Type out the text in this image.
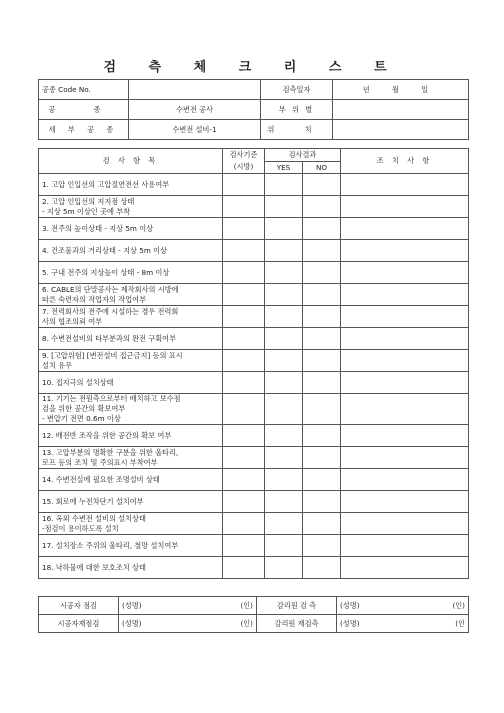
검 측 체 크 리 스 트
공종 Code No.		검측일자	년 월 일
공 종	수변전 공사	부 위 별	
세 부 공 종	수변전 설비-1	위 치	
검 사 항 목	검사기준	검사결과		조 치 사 항
	(시방)	YES	NO	
1. 고압 인입선의 고압절연전선 사용여부				
2. 고압 인입선의 지지점 상태
- 지상 5m 이상인 곳에 부착				
3. 전주의 높이상태 - 지상 5m 이상				
4. 건조물과의 거리상태 - 지상 5m 이상				
5. 구내 전주의 지상높이 상태 - 8m 이상				
6. CABLE의 단말공사는 제작회사의 시방에
따른 숙련자의 작업자의 작업여부				
7. 전력회사의 전주에 시설하는 경우 전력회
사의 협조의뢰 여부				
8. 수변전설비의 타부분과의 완전 구획여부				
9. [고압위험] [변전설비 접근금지] 등의 표시
설치 유무				
10. 접지극의 설치상태				
11. 기기는 전원측으로부터 배치하고 보수점
검을 위한 공간의 확보여부
- 변압기 전면 0.6m 이상				
12. 배전반 조작을 위한 공간의 확보 여부				
13. 고압부분의 명확한 구분을 위한 울타리,
로프 등의 조치 및 주의표시 부착여부				
14. 수변전실에 필요한 조명설비 상태				
15. 회로에 누전차단기 설치여부				
16. 옥외 수변전 설비의 설치상태
-점검이 용이하도록 설치				
17. 설치장소 주위의 울타리, 철망 설치여부				
18. 낙하물에 대한 보호조치 상태				
시공자 점검	(성명) (인)	감리원 검 측	(성명) (인)

시공자재점검	(성명) (인)	감리원 재검측	(성명) (인
